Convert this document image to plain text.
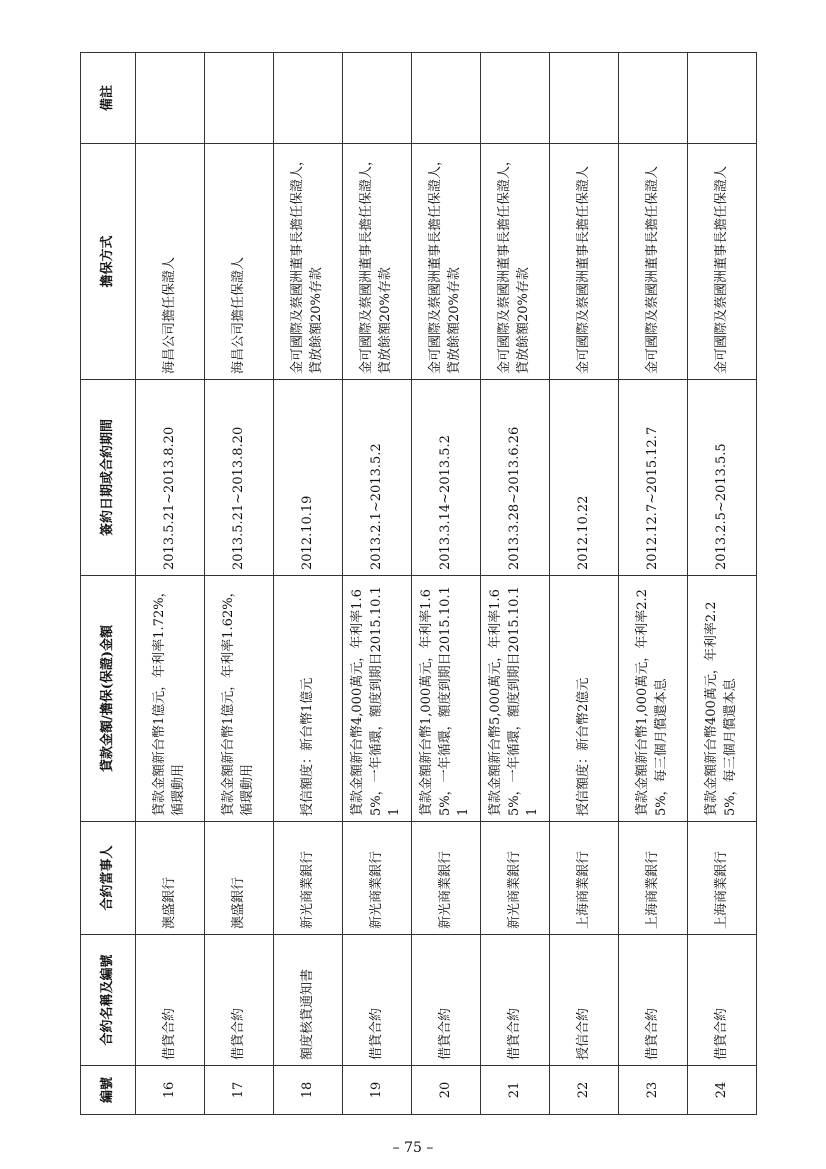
編號	合約名稱及編號	合約當事人	貸款金額/擔保(保證)金額	簽約日期或合約期間	擔保方式	備註
16	借貸合約	澳盛銀行	貸款金額新台幣1億元，年利率1.72%，循環動用	2013.5.21~2013.8.20	海昌公司擔任保證人	
17	借貸合約	澳盛銀行	貸款金額新台幣1億元，年利率1.62%，循環動用	2013.5.21~2013.8.20	海昌公司擔任保證人	
18	額度核貸通知書	新光商業銀行	授信額度：新台幣1億元	2012.10.19	金可國際及蔡國洲董事長擔任保證人，貸放餘額20%存款	
19	借貸合約	新光商業銀行	貸款金額新台幣4,000萬元，年利率1.65%，一年循環，額度到期日2015.10.11	2013.2.1~2013.5.2	金可國際及蔡國洲董事長擔任保證人，貸放餘額20%存款	
20	借貸合約	新光商業銀行	貸款金額新台幣1,000萬元，年利率1.65%，一年循環，額度到期日2015.10.11	2013.3.14~2013.5.2	金可國際及蔡國洲董事長擔任保證人，貸放餘額20%存款	
21	借貸合約	新光商業銀行	貸款金額新台幣5,000萬元，年利率1.65%，一年循環，額度到期日2015.10.11	2013.3.28~2013.6.26	金可國際及蔡國洲董事長擔任保證人，貸放餘額20%存款	
22	授信合約	上海商業銀行	授信額度：新台幣2億元	2012.10.22	金可國際及蔡國洲董事長擔任保證人	
23	借貸合約	上海商業銀行	貸款金額新台幣1,000萬元，年利率2.25%，每三個月償還本息	2012.12.7~2015.12.7	金可國際及蔡國洲董事長擔任保證人	
24	借貸合約	上海商業銀行	貸款金額新台幣400萬元，年利率2.25%，每三個月償還本息	2013.2.5~2013.5.5	金可國際及蔡國洲董事長擔任保證人	
– 75 –
